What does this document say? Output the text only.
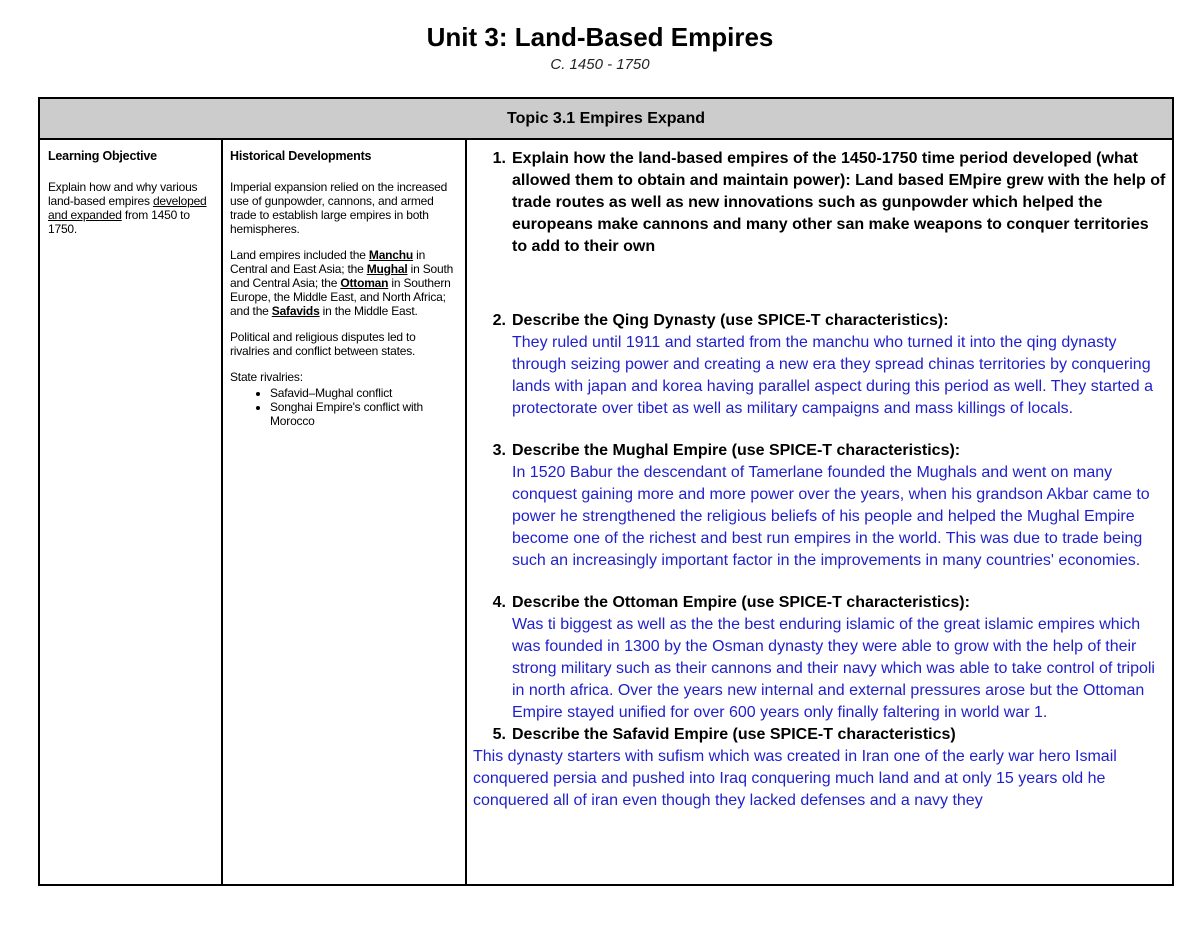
Unit 3: Land-Based Empires
C. 1450 - 1750
Topic 3.1 Empires Expand
Learning Objective

Explain how and why various land-based empires developed and expanded from 1450 to 1750.

Historical Developments

Imperial expansion relied on the increased use of gunpowder, cannons, and armed trade to establish large empires in both hemispheres.

Land empires included the Manchu in Central and East Asia; the Mughal in South and Central Asia; the Ottoman in Southern Europe, the Middle East, and North Africa; and the Safavids in the Middle East.

Political and religious disputes led to rivalries and conflict between states.

State rivalries:

• Safavid–Mughal conflict
• Songhai Empire's conflict with Morocco
1. Explain how the land-based empires of the 1450-1750 time period developed (what allowed them to obtain and maintain power): Land based EMpire grew with the help of trade routes as well as new innovations such as gunpowder which helped the europeans make cannons and many other san make weapons to conquer territories to add to their own
2. Describe the Qing Dynasty (use SPICE-T characteristics):
They ruled until 1911 and started from the manchu who turned it into the qing dynasty through seizing power and creating a new era they spread chinas territories by conquering lands with japan and korea having parallel aspect during this period as well. They started a protectorate over tibet as well as military campaigns and mass killings of locals.
3. Describe the Mughal Empire (use SPICE-T characteristics):
In 1520 Babur the descendant of Tamerlane founded the Mughals and went on many conquest gaining more and more power over the years, when his grandson Akbar came to power he strengthened the religious beliefs of his people and helped the Mughal Empire become one of the richest and best run empires in the world. This was due to trade being such an increasingly important factor in the improvements in many countries' economies.
4. Describe the Ottoman Empire (use SPICE-T characteristics):
Was ti biggest as well as the the best enduring islamic of the great islamic empires which was founded in 1300 by the Osman dynasty they were able to grow with the help of their strong military such as their cannons and their navy which was able to take control of tripoli in north africa. Over the years new internal and external pressures arose but the Ottoman Empire stayed unified for over 600 years only finally faltering in world war 1.
5. Describe the Safavid Empire (use SPICE-T characteristics)
This dynasty starters with sufism which was created in Iran one of the early war hero Ismail conquered persia and pushed into Iraq conquering much land and at only 15 years old he conquered all of iran even though they lacked defenses and a navy they
